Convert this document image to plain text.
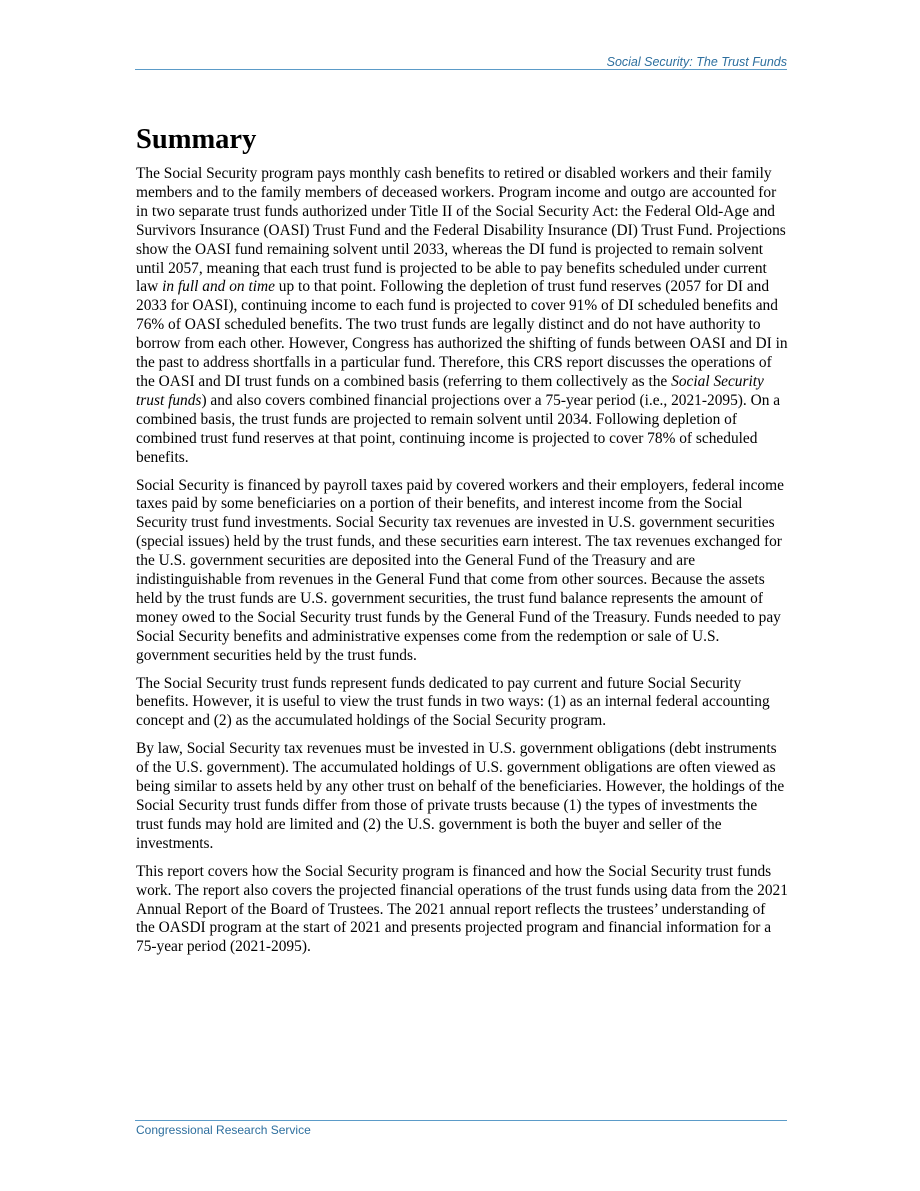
Social Security: The Trust Funds
Summary

The Social Security program pays monthly cash benefits to retired or disabled workers and their family members and to the family members of deceased workers. Program income and outgo are accounted for in two separate trust funds authorized under Title II of the Social Security Act: the Federal Old-Age and Survivors Insurance (OASI) Trust Fund and the Federal Disability Insurance (DI) Trust Fund. Projections show the OASI fund remaining solvent until 2033, whereas the DI fund is projected to remain solvent until 2057, meaning that each trust fund is projected to be able to pay benefits scheduled under current law in full and on time up to that point. Following the depletion of trust fund reserves (2057 for DI and 2033 for OASI), continuing income to each fund is projected to cover 91% of DI scheduled benefits and 76% of OASI scheduled benefits. The two trust funds are legally distinct and do not have authority to borrow from each other. However, Congress has authorized the shifting of funds between OASI and DI in the past to address shortfalls in a particular fund. Therefore, this CRS report discusses the operations of the OASI and DI trust funds on a combined basis (referring to them collectively as the Social Security trust funds) and also covers combined financial projections over a 75-year period (i.e., 2021-2095). On a combined basis, the trust funds are projected to remain solvent until 2034. Following depletion of combined trust fund reserves at that point, continuing income is projected to cover 78% of scheduled benefits.

Social Security is financed by payroll taxes paid by covered workers and their employers, federal income taxes paid by some beneficiaries on a portion of their benefits, and interest income from the Social Security trust fund investments. Social Security tax revenues are invested in U.S. government securities (special issues) held by the trust funds, and these securities earn interest. The tax revenues exchanged for the U.S. government securities are deposited into the General Fund of the Treasury and are indistinguishable from revenues in the General Fund that come from other sources. Because the assets held by the trust funds are U.S. government securities, the trust fund balance represents the amount of money owed to the Social Security trust funds by the General Fund of the Treasury. Funds needed to pay Social Security benefits and administrative expenses come from the redemption or sale of U.S. government securities held by the trust funds.

The Social Security trust funds represent funds dedicated to pay current and future Social Security benefits. However, it is useful to view the trust funds in two ways: (1) as an internal federal accounting concept and (2) as the accumulated holdings of the Social Security program.

By law, Social Security tax revenues must be invested in U.S. government obligations (debt instruments of the U.S. government). The accumulated holdings of U.S. government obligations are often viewed as being similar to assets held by any other trust on behalf of the beneficiaries. However, the holdings of the Social Security trust funds differ from those of private trusts because (1) the types of investments the trust funds may hold are limited and (2) the U.S. government is both the buyer and seller of the investments.

This report covers how the Social Security program is financed and how the Social Security trust funds work. The report also covers the projected financial operations of the trust funds using data from the 2021 Annual Report of the Board of Trustees. The 2021 annual report reflects the trustees’ understanding of the OASDI program at the start of 2021 and presents projected program and financial information for a 75-year period (2021-2095).

Congressional Research Service
